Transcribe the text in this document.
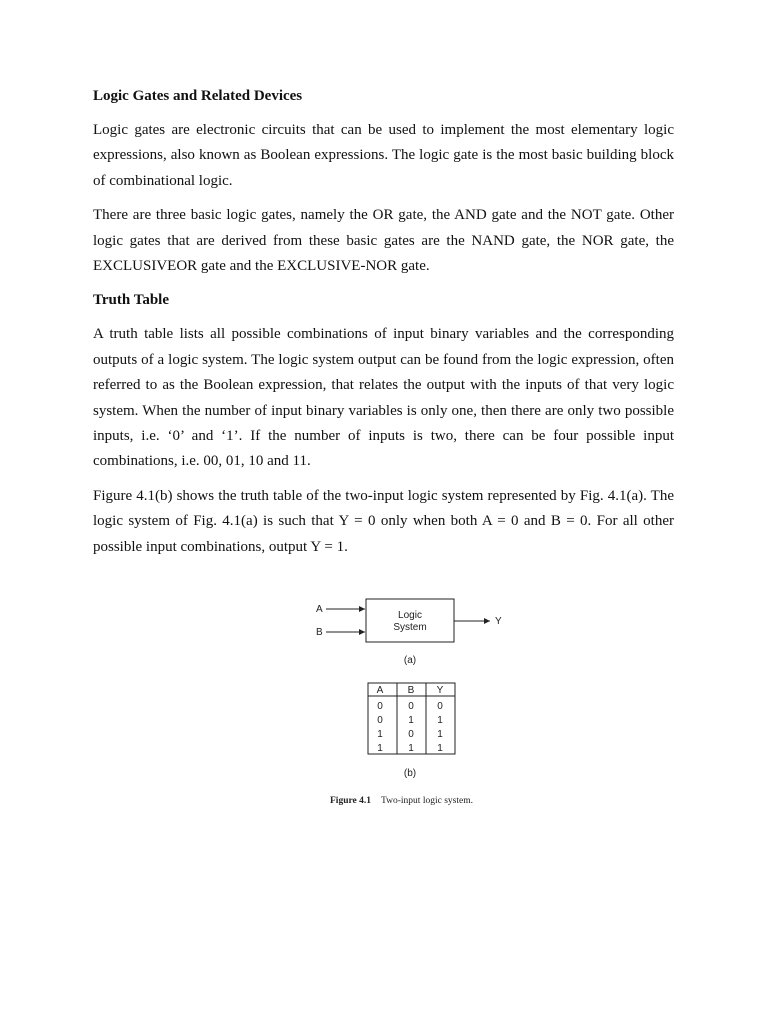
Logic Gates and Related Devices

Logic gates are electronic circuits that can be used to implement the most elementary logic expressions, also known as Boolean expressions. The logic gate is the most basic building block of combinational logic.

There are three basic logic gates, namely the OR gate, the AND gate and the NOT gate. Other logic gates that are derived from these basic gates are the NAND gate, the NOR gate, the EXCLUSIVEOR gate and the EXCLUSIVE-NOR gate.

Truth Table

A truth table lists all possible combinations of input binary variables and the corresponding outputs of a logic system. The logic system output can be found from the logic expression, often referred to as the Boolean expression, that relates the output with the inputs of that very logic system. When the number of input binary variables is only one, then there are only two possible inputs, i.e. ‘0’ and ‘1’. If the number of inputs is two, there can be four possible input combinations, i.e. 00, 01, 10 and 11.

Figure 4.1(b) shows the truth table of the two-input logic system represented by Fig. 4.1(a). The logic system of Fig. 4.1(a) is such that Y = 0 only when both A = 0 and B = 0. For all other possible input combinations, output Y = 1.

A
B
Logic
System
Y
(a)
A B Y
0	0 0
0	1 1
1	0 1
1	1 1
(b)
Figure 4.1 Two-input logic system.
